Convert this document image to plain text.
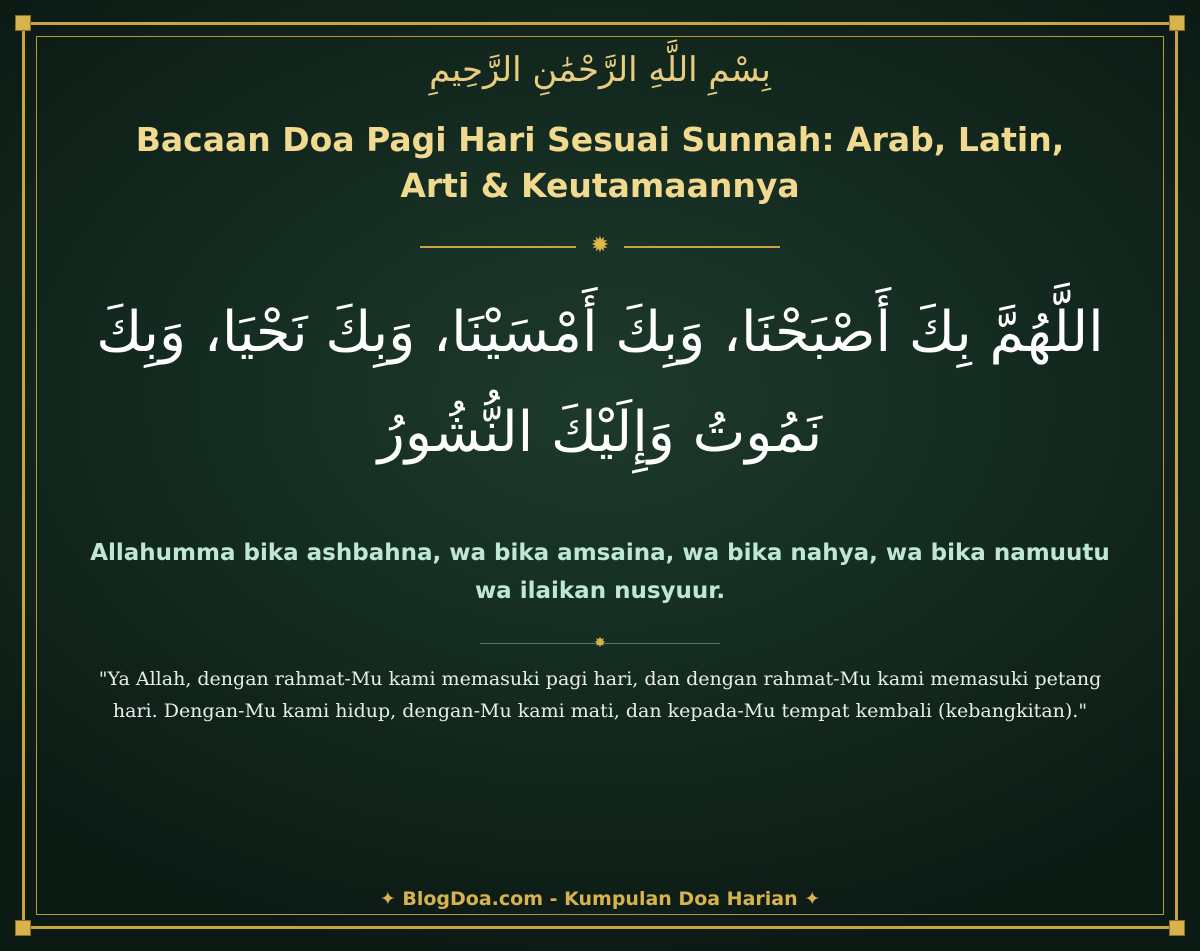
بِسْمِ اللَّهِ الرَّحْمَٰنِ الرَّحِيمِ
Bacaan Doa Pagi Hari Sesuai Sunnah: Arab, Latin, Arti & Keutamaannya
✹
اللَّهُمَّ بِكَ أَصْبَحْنَا، وَبِكَ أَمْسَيْنَا، وَبِكَ نَحْيَا، وَبِكَ نَمُوتُ وَإِلَيْكَ النُّشُورُ
Allahumma bika ashbahna, wa bika amsaina, wa bika nahya, wa bika namuutu wa ilaikan nusyuur.
✸
"Ya Allah, dengan rahmat-Mu kami memasuki pagi hari, dan dengan rahmat-Mu kami memasuki petang hari. Dengan-Mu kami hidup, dengan-Mu kami mati, dan kepada-Mu tempat kembali (kebangkitan)."
✦ BlogDoa.com - Kumpulan Doa Harian ✦
